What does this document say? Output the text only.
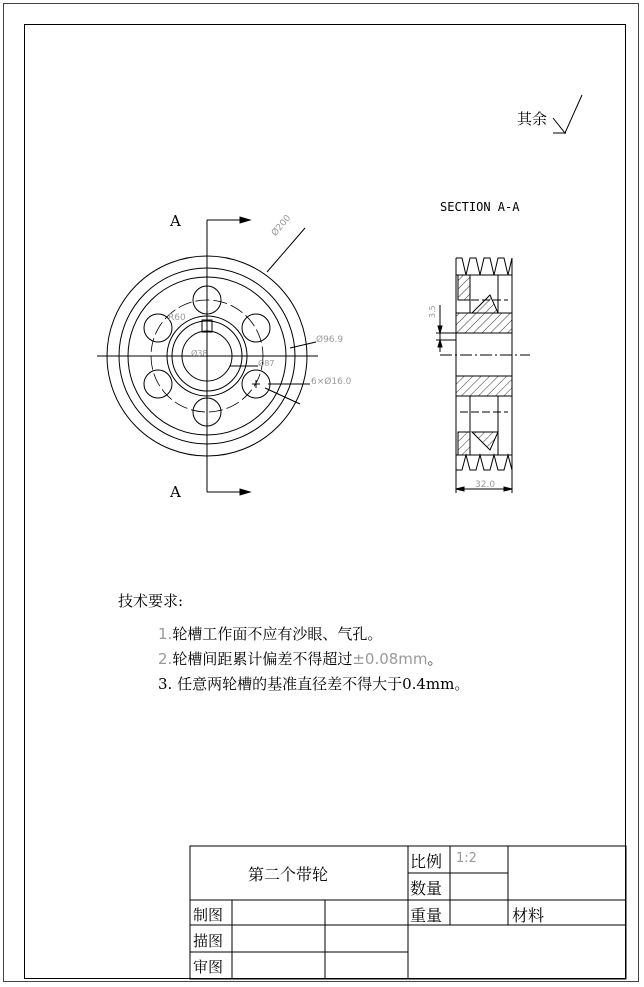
Ø200
Ø96.9
Ø87
6×Ø16.0
Ø38
R60
32.0
3.5
其余
SECTION A-A
A
A
技术要求:
1.轮槽工作面不应有沙眼、气孔。
2.轮槽间距累计偏差不得超过±0.08mm。
3. 任意两轮槽的基准直径差不得大于0.4mm。
第二个带轮
比例 1:2
数量
重量	材料
制图
描图
审图
